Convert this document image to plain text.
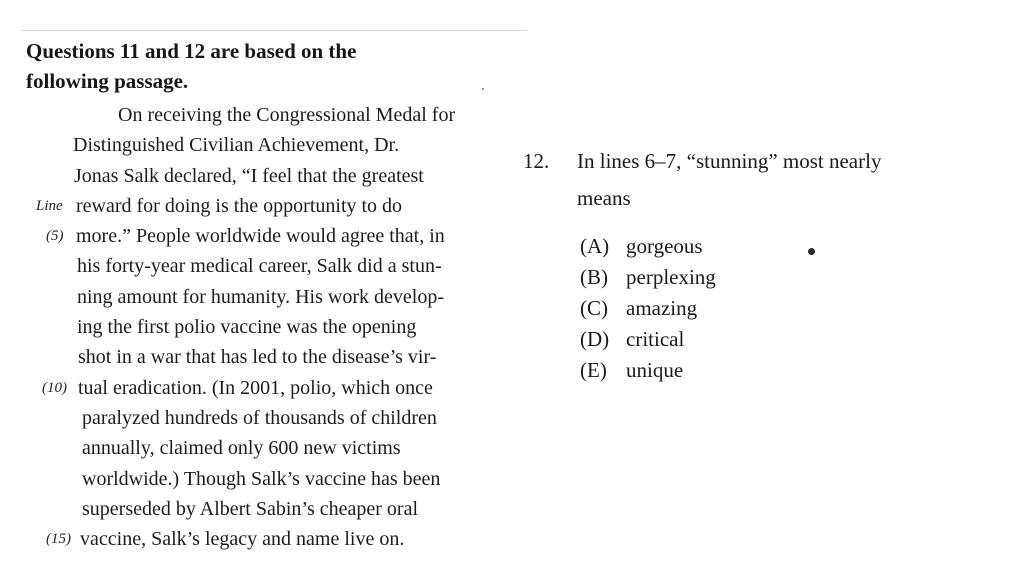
Questions 11 and 12 are based on the
following passage.
On receiving the Congressional Medal for
Distinguished Civilian Achievement, Dr.
Jonas Salk declared, “I feel that the greatest
Line reward for doing is the opportunity to do
(5) more.” People worldwide would agree that, in
his forty-year medical career, Salk did a stun-
ning amount for humanity. His work develop-
ing the first polio vaccine was the opening
shot in a war that has led to the disease’s vir-
(10) tual eradication. (In 2001, polio, which once
paralyzed hundreds of thousands of children
annually, claimed only 600 new victims
worldwide.) Though Salk’s vaccine has been
superseded by Albert Sabin’s cheaper oral
(15) vaccine, Salk’s legacy and name live on.
12. In lines 6–7, “stunning” most nearly
means
(A) gorgeous
(B) perplexing
(C) amazing
(D) critical
(E) unique
